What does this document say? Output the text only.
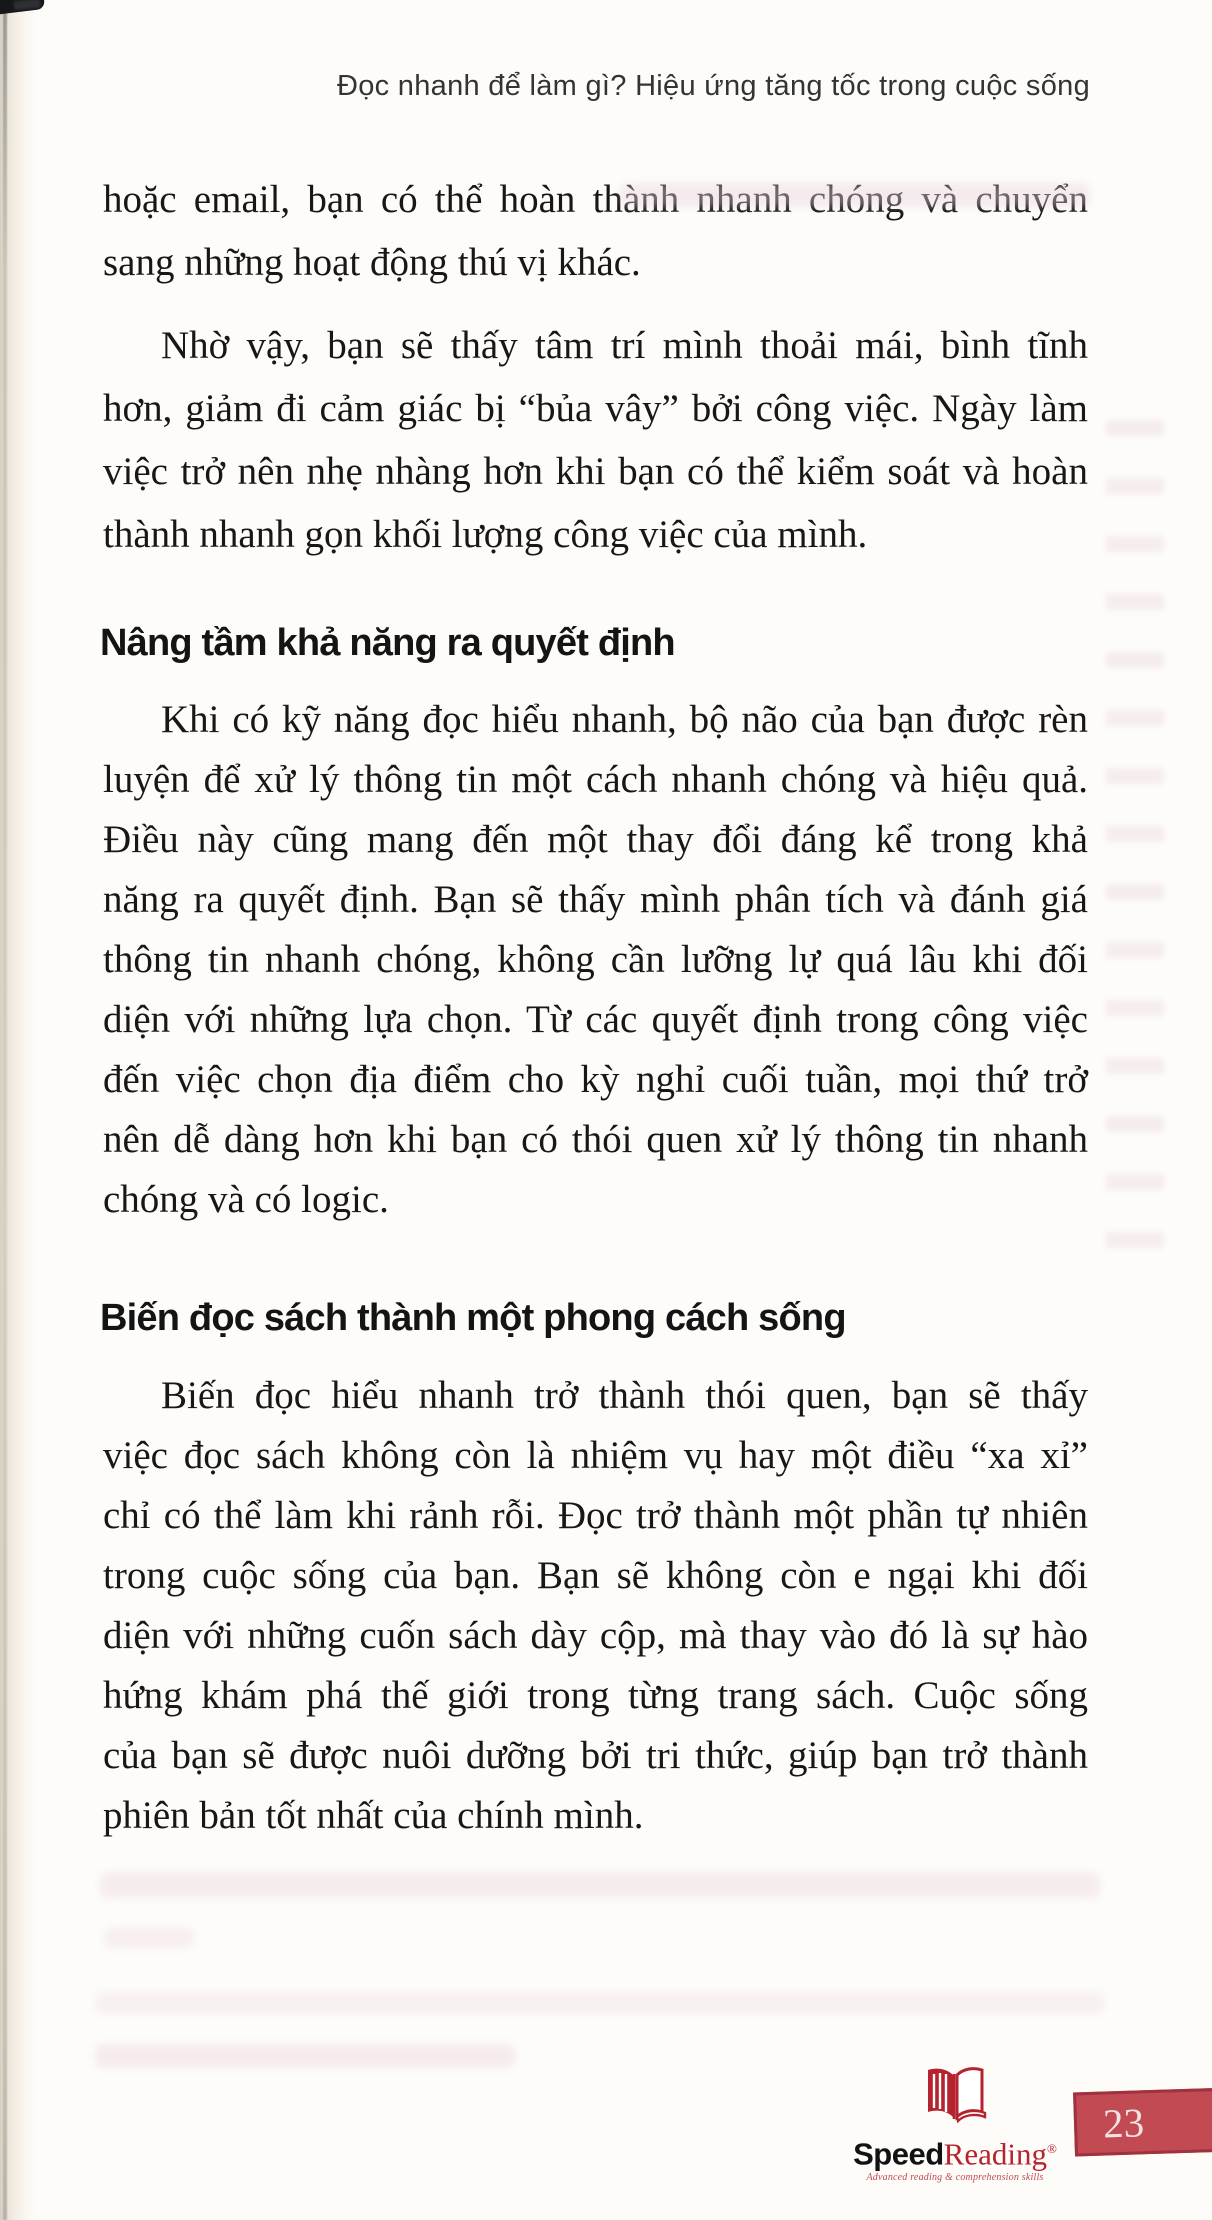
Đọc nhanh để làm gì? Hiệu ứng tăng tốc trong cuộc sống

hoặc email, bạn có thể hoàn thành nhanh chóng và chuyển
sang những hoạt động thú vị khác.

Nhờ vậy, bạn sẽ thấy tâm trí mình thoải mái, bình tĩnh
hơn, giảm đi cảm giác bị “bủa vây” bởi công việc. Ngày làm
việc trở nên nhẹ nhàng hơn khi bạn có thể kiểm soát và hoàn
thành nhanh gọn khối lượng công việc của mình.

Nâng tầm khả năng ra quyết định

Khi có kỹ năng đọc hiểu nhanh, bộ não của bạn được rèn
luyện để xử lý thông tin một cách nhanh chóng và hiệu quả.
Điều này cũng mang đến một thay đổi đáng kể trong khả
năng ra quyết định. Bạn sẽ thấy mình phân tích và đánh giá
thông tin nhanh chóng, không cần lưỡng lự quá lâu khi đối
diện với những lựa chọn. Từ các quyết định trong công việc
đến việc chọn địa điểm cho kỳ nghỉ cuối tuần, mọi thứ trở
nên dễ dàng hơn khi bạn có thói quen xử lý thông tin nhanh
chóng và có logic.

Biến đọc sách thành một phong cách sống

Biến đọc hiểu nhanh trở thành thói quen, bạn sẽ thấy
việc đọc sách không còn là nhiệm vụ hay một điều “xa xỉ”
chỉ có thể làm khi rảnh rỗi. Đọc trở thành một phần tự nhiên
trong cuộc sống của bạn. Bạn sẽ không còn e ngại khi đối
diện với những cuốn sách dày cộp, mà thay vào đó là sự hào
hứng khám phá thế giới trong từng trang sách. Cuộc sống
của bạn sẽ được nuôi dưỡng bởi tri thức, giúp bạn trở thành
phiên bản tốt nhất của chính mình.

SpeedReading®
Advanced reading & comprehension skills
23
